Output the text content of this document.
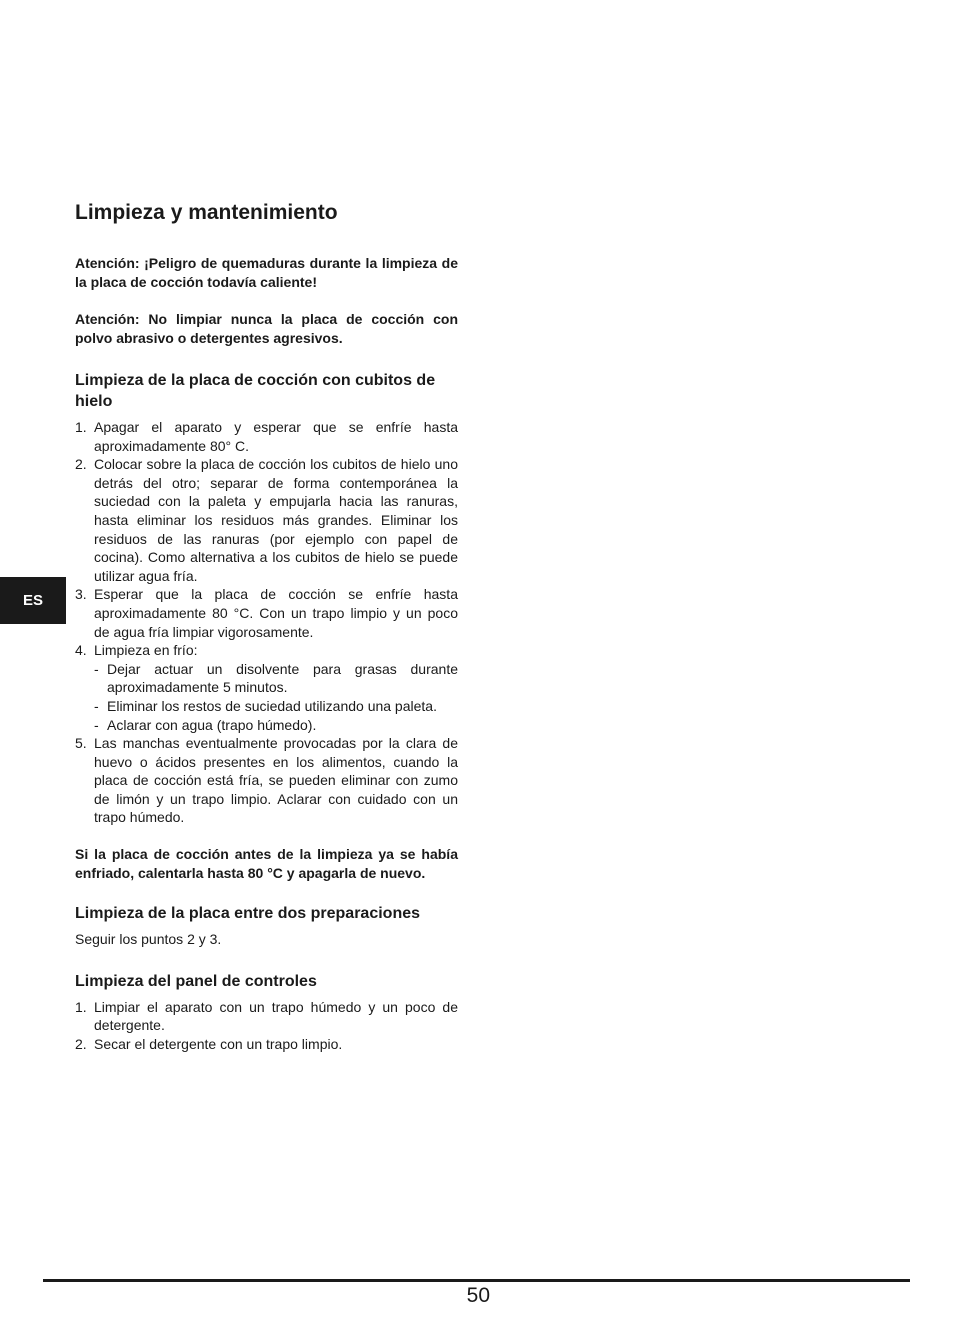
ES
Limpieza y mantenimiento

Atención: ¡Peligro de quemaduras durante la limpieza de la placa de cocción todavía caliente!

Atención: No limpiar nunca la placa de cocción con polvo abrasivo o detergentes agresivos.

Limpieza de la placa de cocción con cubitos de hielo
1. Apagar el aparato y esperar que se enfríe hasta aproximadamente 80° C.
2. Colocar sobre la placa de cocción los cubitos de hielo uno detrás del otro; separar de forma contemporánea la suciedad con la paleta y empujarla hacia las ranuras, hasta eliminar los residuos más grandes. Eliminar los residuos de las ranuras (por ejemplo con papel de cocina). Como alternativa a los cubitos de hielo se puede utilizar agua fría.
3. Esperar que la placa de cocción se enfríe hasta aproximadamente 80 °C. Con un trapo limpio y un poco de agua fría limpiar vigorosamente.
4. Limpieza en frío:
- Dejar actuar un disolvente para grasas durante aproximadamente 5 minutos.
- Eliminar los restos de suciedad utilizando una paleta.
- Aclarar con agua (trapo húmedo).
5. Las manchas eventualmente provocadas por la clara de huevo o ácidos presentes en los alimentos, cuando la placa de cocción está fría, se pueden eliminar con zumo de limón y un trapo limpio. Aclarar con cuidado con un trapo húmedo.

Si la placa de cocción antes de la limpieza ya se había enfriado, calentarla hasta 80 °C y apagarla de nuevo.

Limpieza de la placa entre dos preparaciones

Seguir los puntos 2 y 3.

Limpieza del panel de controles
1. Limpiar el aparato con un trapo húmedo y un poco de detergente.
2. Secar el detergente con un trapo limpio.
50
